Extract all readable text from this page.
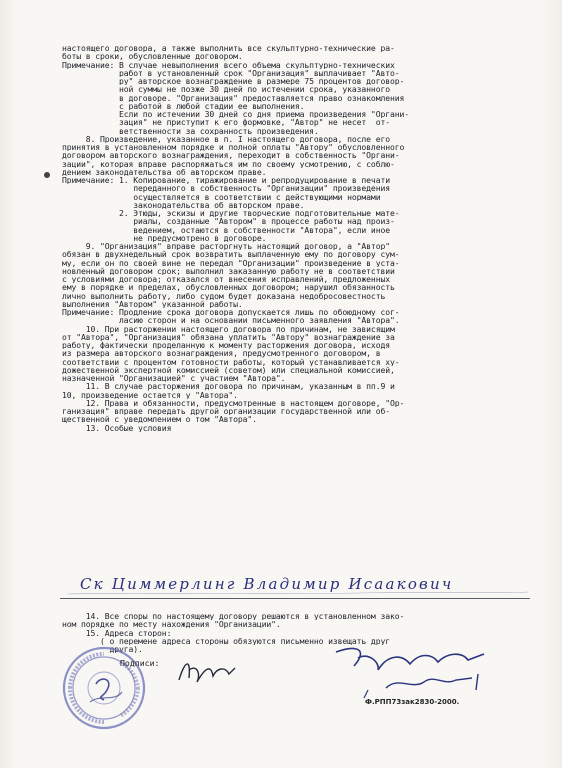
настоящего договора, а также выполнить все скульптурно-технические ра-
боты в сроки, обусловленные договором.
Примечание: В случае невыполнения всего объема скульптурно-технических
работ в установленный срок "Организация" выплачивает "Авто-
ру" авторское вознаграждение в размере 75 процентов договор-
ной суммы не позже 30 дней по истечении срока, указанного
в договоре. "Организация" предоставляется право ознакомления
с работой в любой стадии ее выполнения.
Если по истечении 30 дней со дня приема произведения "Органи-
зация" не приступит к его формовке, "Автор" не несет  от-
ветственности за сохранность произведения.
8. Произведение, указанное в п. I настоящего договора, после его
принятия в установленном порядке и полной оплаты "Автору" обусловленного
договором авторского вознаграждения, переходит в собственность "Органи-
зации", которая вправе распоряжаться им по своему усмотрению, с соблю-
дением законодательства об авторском праве.
Примечание: 1. Копирование, тиражирование и репродуцирование в печати
переданного в собственность "Организации" произведения
осуществляется в соответствии с действующими нормами
законодательства об авторском праве.
2. Этюды, эскизы и другие творческие подготовительные мате-
риалы, созданные "Автором" в процессе работы над произ-
ведением, остаются в собственности "Автора", если иное
не предусмотрено в договоре.
9. "Организация" вправе расторгнуть настоящий договор, а "Автор"
обязан в двухнедельный срок возвратить выплаченную ему по договору сум-
му, если он по своей вине не передал "Организации" произведение в уста-
новленный договором срок; выполнил заказанную работу не в соответствии
с условиями договора; отказался от внесения исправлений, предложенных
ему в порядке и пределах, обусловленных договором; нарушил обязанность
лично выполнить работу, либо судом будет доказана недобросовестность
выполнения "Автором" указанной работы.
Примечание: Продление срока договора допускается лишь по обоюдному сог-
ласию сторон и на основании письменного заявления "Автора".
10. При расторжении настоящего договора по причинам, не зависящим
от "Автора", "Организация" обязана уплатить "Автору" вознаграждение за
работу, фактически проделанную к моменту расторжения договора, исходя
из размера авторского вознаграждения, предусмотренного договором, в
соответствии с процентом готовности работы, который устанавливается ху-
дожественной экспертной комиссией (советом) или специальной комиссией,
назначенной "Организацией" с участием "Автора".
11. В случае расторжения договора по причинам, указанным в пп.9 и
10, произведение остается у "Автора".
12. Права и обязанности, предусмотренные в настоящем договоре, "Ор-
ганизация" вправе передать другой организации государственной или об-
щественной с уведомлением о том "Автора".
13. Особые условия ___________________________________________________
Ск Циммерлинг Владимир Исаакович
14. Все споры по настоящему договору решаются в установленном зако-
ном порядке по месту нахождения "Организации".
15. Адреса сторон:
( о перемене адреса стороны обязуются письменно извещать друг
друга).
Подписи:
Ф.РПП73зак2830-2000.
